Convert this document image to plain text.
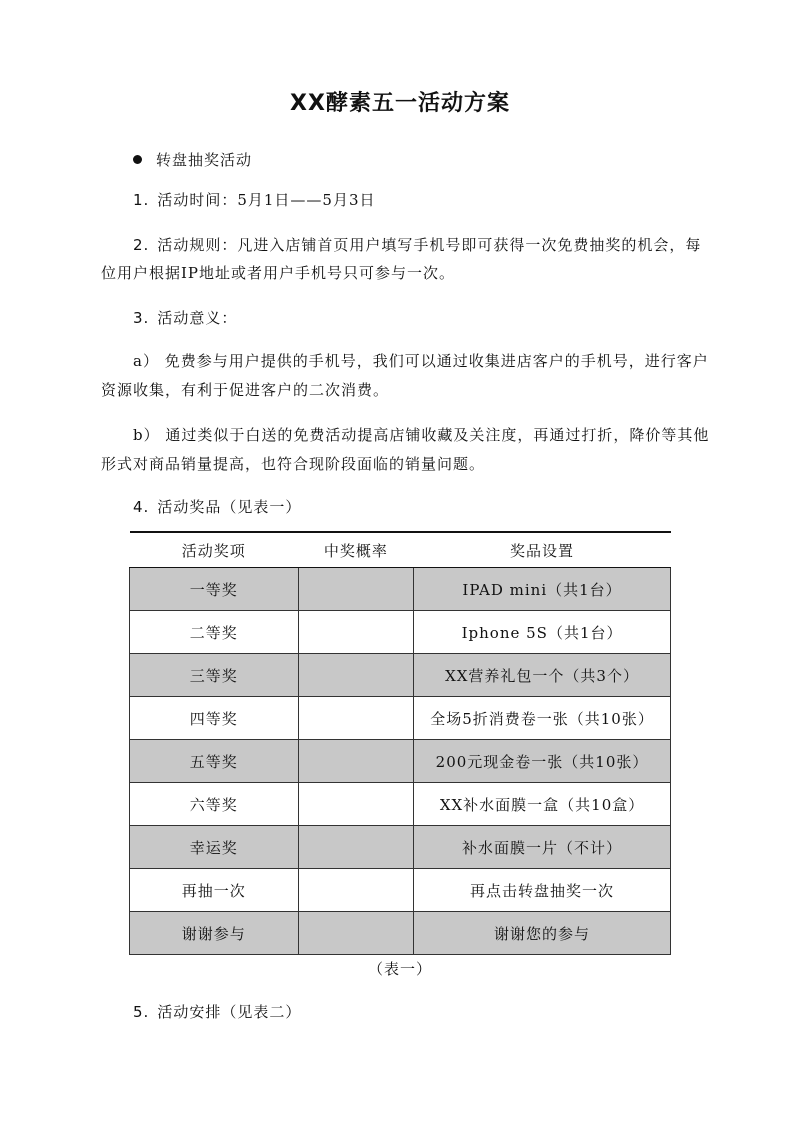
XX酵素五一活动方案
转盘抽奖活动
1. 活动时间：5月1日——5月3日
2. 活动规则：凡进入店铺首页用户填写手机号即可获得一次免费抽奖的机会，每
位用户根据IP地址或者用户手机号只可参与一次。
3. 活动意义：
a） 免费参与用户提供的手机号，我们可以通过收集进店客户的手机号，进行客户
资源收集，有利于促进客户的二次消费。
b） 通过类似于白送的免费活动提高店铺收藏及关注度，再通过打折，降价等其他
形式对商品销量提高，也符合现阶段面临的销量问题。
4. 活动奖品（见表一）
活动奖项	中奖概率	奖品设置
一等奖		IPAD mini（共1台）
二等奖		Iphone 5S（共1台）
三等奖		XX营养礼包一个（共3个）
四等奖		全场5折消费卷一张（共10张）
五等奖		200元现金卷一张（共10张）
六等奖		XX补水面膜一盒（共10盒）
幸运奖		补水面膜一片（不计）
再抽一次		再点击转盘抽奖一次
谢谢参与		谢谢您的参与
（表一）
5. 活动安排（见表二）
